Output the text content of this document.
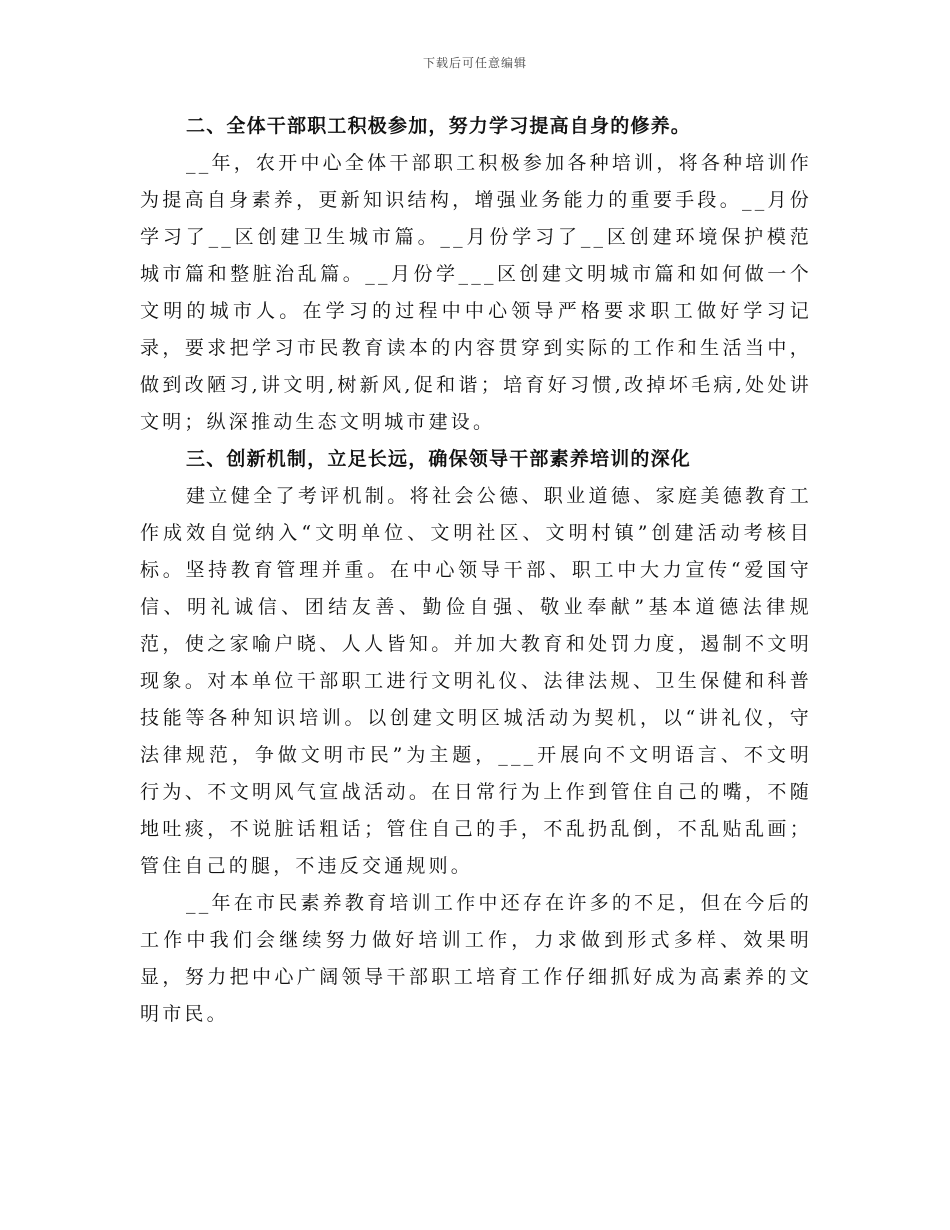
下载后可任意编辑

二、全体干部职工积极参加，努力学习提高自身的修养。

__年，农开中心全体干部职工积极参加各种培训，将各种培训作为提高自身素养，更新知识结构，增强业务能力的重要手段。__月份学习了__区创建卫生城市篇。__月份学习了__区创建环境保护模范城市篇和整脏治乱篇。__月份学___区创建文明城市篇和如何做一个文明的城市人。在学习的过程中中心领导严格要求职工做好学习记录，要求把学习市民教育读本的内容贯穿到实际的工作和生活当中，做到改陋习,讲文明,树新风,促和谐；培育好习惯,改掉坏毛病,处处讲文明；纵深推动生态文明城市建设。

三、创新机制，立足长远，确保领导干部素养培训的深化

建立健全了考评机制。将社会公德、职业道德、家庭美德教育工作成效自觉纳入“文明单位、文明社区、文明村镇”创建活动考核目标。坚持教育管理并重。在中心领导干部、职工中大力宣传“爱国守信、明礼诚信、团结友善、勤俭自强、敬业奉献”基本道德法律规范，使之家喻户晓、人人皆知。并加大教育和处罚力度，遏制不文明现象。对本单位干部职工进行文明礼仪、法律法规、卫生保健和科普技能等各种知识培训。以创建文明区城活动为契机，以“讲礼仪，守法律规范，争做文明市民”为主题，___开展向不文明语言、不文明行为、不文明风气宣战活动。在日常行为上作到管住自己的嘴，不随地吐痰，不说脏话粗话；管住自己的手，不乱扔乱倒，不乱贴乱画；管住自己的腿，不违反交通规则。

__年在市民素养教育培训工作中还存在许多的不足，但在今后的工作中我们会继续努力做好培训工作，力求做到形式多样、效果明显，努力把中心广阔领导干部职工培育工作仔细抓好成为高素养的文明市民。
